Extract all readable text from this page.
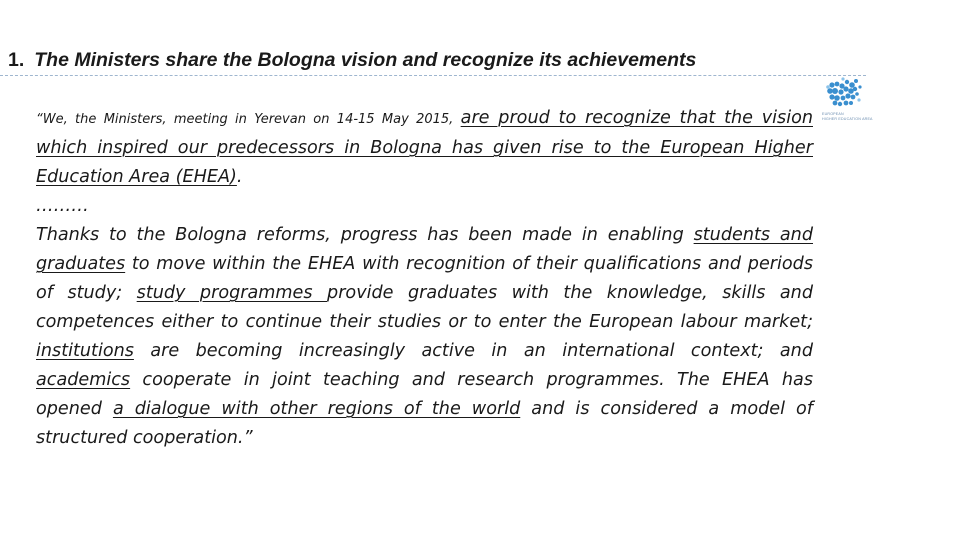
1. The Ministers share the Bologna vision and recognize its achievements
EUROPEAN
HIGHER EDUCATION AREA
“We, the Ministers, meeting in Yerevan on 14-15 May 2015, are proud to recognize that the vision which inspired our predecessors in Bologna has given rise to the European Higher Education Area (EHEA).
………
Thanks to the Bologna reforms, progress has been made in enabling students and graduates to move within the EHEA with recognition of their qualifications and periods of study; study programmes provide graduates with the knowledge, skills and competences either to continue their studies or to enter the European labour market; institutions are becoming increasingly active in an international context; and academics cooperate in joint teaching and research programmes. The EHEA has opened a dialogue with other regions of the world and is considered a model of structured cooperation.”
